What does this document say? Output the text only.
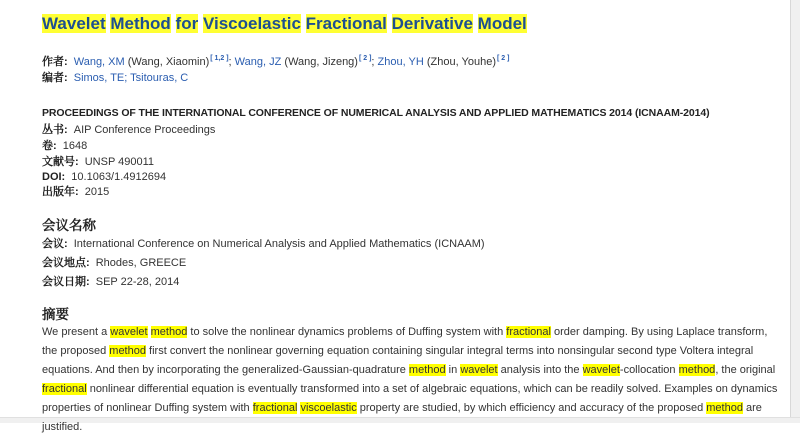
Wavelet Method for Viscoelastic Fractional Derivative Model
作者: Wang, XM (Wang, Xiaomin)[ 1,2 ]; Wang, JZ (Wang, Jizeng)[ 2 ]; Zhou, YH (Zhou, Youhe)[ 2 ]
编者: Simos, TE; Tsitouras, C
PROCEEDINGS OF THE INTERNATIONAL CONFERENCE OF NUMERICAL ANALYSIS AND APPLIED MATHEMATICS 2014 (ICNAAM-2014)
丛书: AIP Conference Proceedings
卷: 1648
文献号: UNSP 490011
DOI: 10.1063/1.4912694
出版年: 2015
会议名称
会议: International Conference on Numerical Analysis and Applied Mathematics (ICNAAM)
会议地点: Rhodes, GREECE
会议日期: SEP 22-28, 2014
摘要
We present a wavelet method to solve the nonlinear dynamics problems of Duffing system with fractional order damping. By using Laplace transform, the proposed method first convert the nonlinear governing equation containing singular integral terms into nonsingular second type Voltera integral equations. And then by incorporating the generalized-Gaussian-quadrature method in wavelet analysis into the wavelet-collocation method, the original fractional nonlinear differential equation is eventually transformed into a set of algebraic equations, which can be readily solved. Examples on dynamics properties of nonlinear Duffing system with fractional viscoelastic property are studied, by which efficiency and accuracy of the proposed method are justified.
